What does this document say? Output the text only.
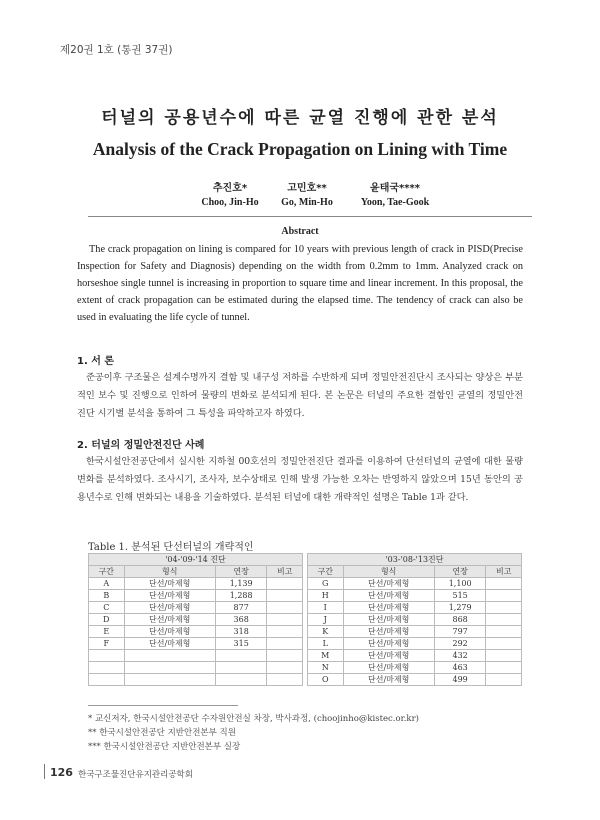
제20권 1호 (통권 37권)
터널의 공용년수에 따른 균열 진행에 관한 분석
Analysis of the Crack Propagation on Lining with Time
추진호*
Choo, Jin-Ho
고민호**
Go, Min-Ho
윤태국****
Yoon, Tae-Gook
Abstract
The crack propagation on lining is compared for 10 years with previous length of crack in PISD(Precise Inspection for Safety and Diagnosis) depending on the width from 0.2mm to 1mm. Analyzed crack on horseshoe single tunnel is increasing in proportion to square time and linear increment. In this proposal, the extent of crack propagation can be estimated during the elapsed time. The tendency of crack can also be used in evaluating the life cycle of tunnel.
1. 서 론
준공이후 구조물은 설계수명까지 결함 및 내구성 저하를 수반하게 되며 정밀안전진단시 조사되는 양상은 부분적인 보수 및 진행으로 인하여 물량의 변화로 분석되게 된다. 본 논문은 터널의 주요한 결함인 균열의 정밀안전진단 시기별 분석을 통하여 그 특성을 파악하고자 하였다.
2. 터널의 정밀안전진단 사례
한국시설안전공단에서 실시한 지하철 00호선의 정밀안전진단 결과를 이용하여 단선터널의 균열에 대한 물량변화를 분석하였다. 조사시기, 조사자, 보수상태로 인해 발생 가능한 오차는 반영하지 않았으며 15년 동안의 공용년수로 인해 변화되는 내용을 기술하였다. 분석된 터널에 대한 개략적인 설명은 Table 1과 같다.
Table 1. 분석된 단선터널의 개략적인
'04-'09-'14 진단					'03-'08-'13진단			
구간	형식	연장	비고		구간	형식	연장	비고
A	단선/마제형	1,139			G	단선/마제형	1,100	
B	단선/마제형	1,288			H	단선/마제형	515	
C	단선/마제형	877			I	단선/마제형	1,279	
D	단선/마제형	368			J	단선/마제형	868	
E	단선/마제형	318			K	단선/마제형	797	
F	단선/마제형	315			L	단선/마제형	292	
					M	단선/마제형	432	
					N	단선/마제형	463	
					O	단선/마제형	499	
* 교신저자, 한국시설안전공단 수자원안전실 차장, 박사과정, (choojinho@kistec.or.kr)
** 한국시설안전공단 지반안전본부 직원
*** 한국시설안전공단 지반안전본부 실장
126 한국구조물진단유지관리공학회
